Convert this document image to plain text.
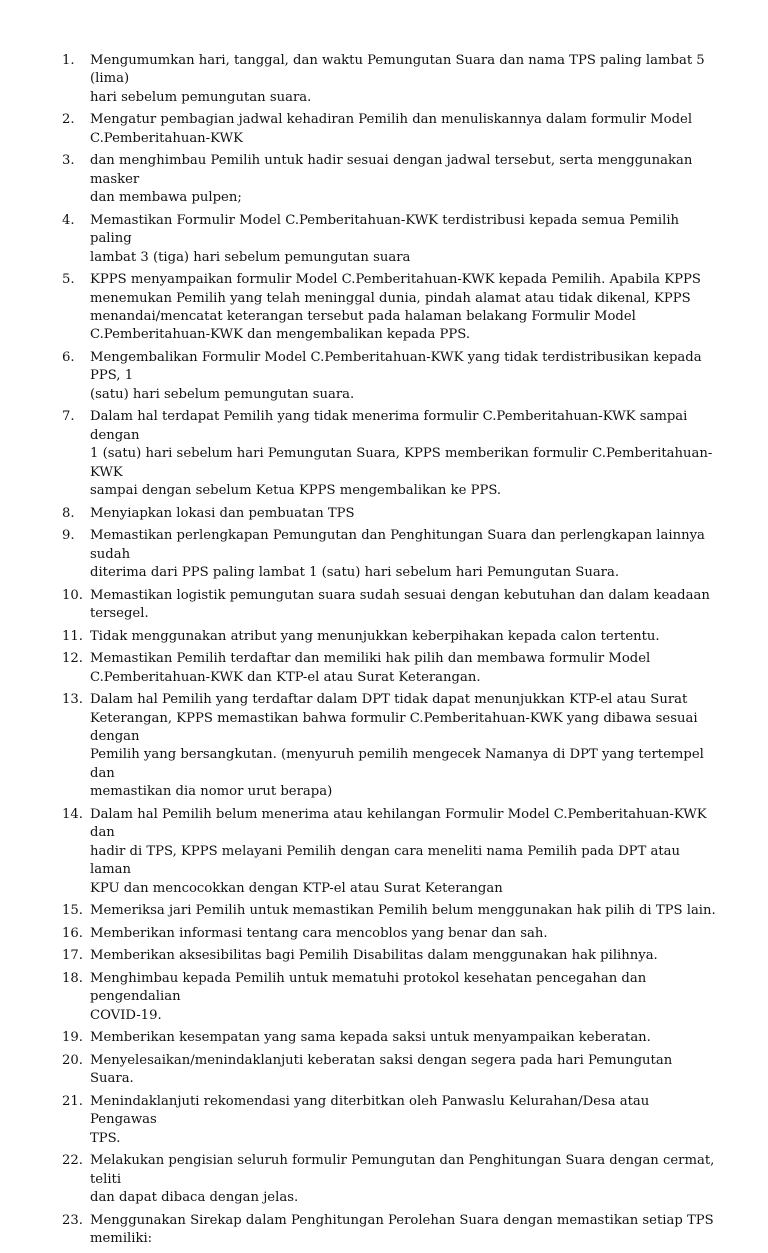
1.	Mengumumkan hari, tanggal, dan waktu Pemungutan Suara dan nama TPS paling lambat 5 (lima)
hari sebelum pemungutan suara.
2.	Mengatur pembagian jadwal kehadiran Pemilih dan menuliskannya dalam formulir Model
C.Pemberitahuan-KWK
3.	dan menghimbau Pemilih untuk hadir sesuai dengan jadwal tersebut, serta menggunakan masker
dan membawa pulpen;
4.	Memastikan Formulir Model C.Pemberitahuan-KWK terdistribusi kepada semua Pemilih paling
lambat 3 (tiga) hari sebelum pemungutan suara
5.	KPPS menyampaikan formulir Model C.Pemberitahuan-KWK kepada Pemilih. Apabila KPPS
menemukan Pemilih yang telah meninggal dunia, pindah alamat atau tidak dikenal, KPPS
menandai/mencatat keterangan tersebut pada halaman belakang Formulir Model
C.Pemberitahuan-KWK dan mengembalikan kepada PPS.
6.	Mengembalikan Formulir Model C.Pemberitahuan-KWK yang tidak terdistribusikan kepada PPS, 1
(satu) hari sebelum pemungutan suara.
7.	Dalam hal terdapat Pemilih yang tidak menerima formulir C.Pemberitahuan-KWK sampai dengan
1 (satu) hari sebelum hari Pemungutan Suara, KPPS memberikan formulir C.Pemberitahuan-KWK
sampai dengan sebelum Ketua KPPS mengembalikan ke PPS.
8.	Menyiapkan lokasi dan pembuatan TPS
9.	Memastikan perlengkapan Pemungutan dan Penghitungan Suara dan perlengkapan lainnya sudah
diterima dari PPS paling lambat 1 (satu) hari sebelum hari Pemungutan Suara.
10. Memastikan logistik pemungutan suara sudah sesuai dengan kebutuhan dan dalam keadaan
tersegel.
11. Tidak menggunakan atribut yang menunjukkan keberpihakan kepada calon tertentu.
12. Memastikan Pemilih terdaftar dan memiliki hak pilih dan membawa formulir Model
C.Pemberitahuan-KWK dan KTP-el atau Surat Keterangan.
13. Dalam hal Pemilih yang terdaftar dalam DPT tidak dapat menunjukkan KTP-el atau Surat
Keterangan, KPPS memastikan bahwa formulir C.Pemberitahuan-KWK yang dibawa sesuai dengan
Pemilih yang bersangkutan. (menyuruh pemilih mengecek Namanya di DPT yang tertempel dan
memastikan dia nomor urut berapa)
14. Dalam hal Pemilih belum menerima atau kehilangan Formulir Model C.Pemberitahuan-KWK dan
hadir di TPS, KPPS melayani Pemilih dengan cara meneliti nama Pemilih pada DPT atau laman
KPU dan mencocokkan dengan KTP-el atau Surat Keterangan
15. Memeriksa jari Pemilih untuk memastikan Pemilih belum menggunakan hak pilih di TPS lain.
16. Memberikan informasi tentang cara mencoblos yang benar dan sah.
17. Memberikan aksesibilitas bagi Pemilih Disabilitas dalam menggunakan hak pilihnya.
18. Menghimbau kepada Pemilih untuk mematuhi protokol kesehatan pencegahan dan pengendalian
COVID-19.
19. Memberikan kesempatan yang sama kepada saksi untuk menyampaikan keberatan.
20. Menyelesaikan/menindaklanjuti keberatan saksi dengan segera pada hari Pemungutan Suara.
21. Menindaklanjuti rekomendasi yang diterbitkan oleh Panwaslu Kelurahan/Desa atau Pengawas
TPS.
22. Melakukan pengisian seluruh formulir Pemungutan dan Penghitungan Suara dengan cermat, teliti
dan dapat dibaca dengan jelas.
23. Menggunakan Sirekap dalam Penghitungan Perolehan Suara dengan memastikan setiap TPS
memiliki:
